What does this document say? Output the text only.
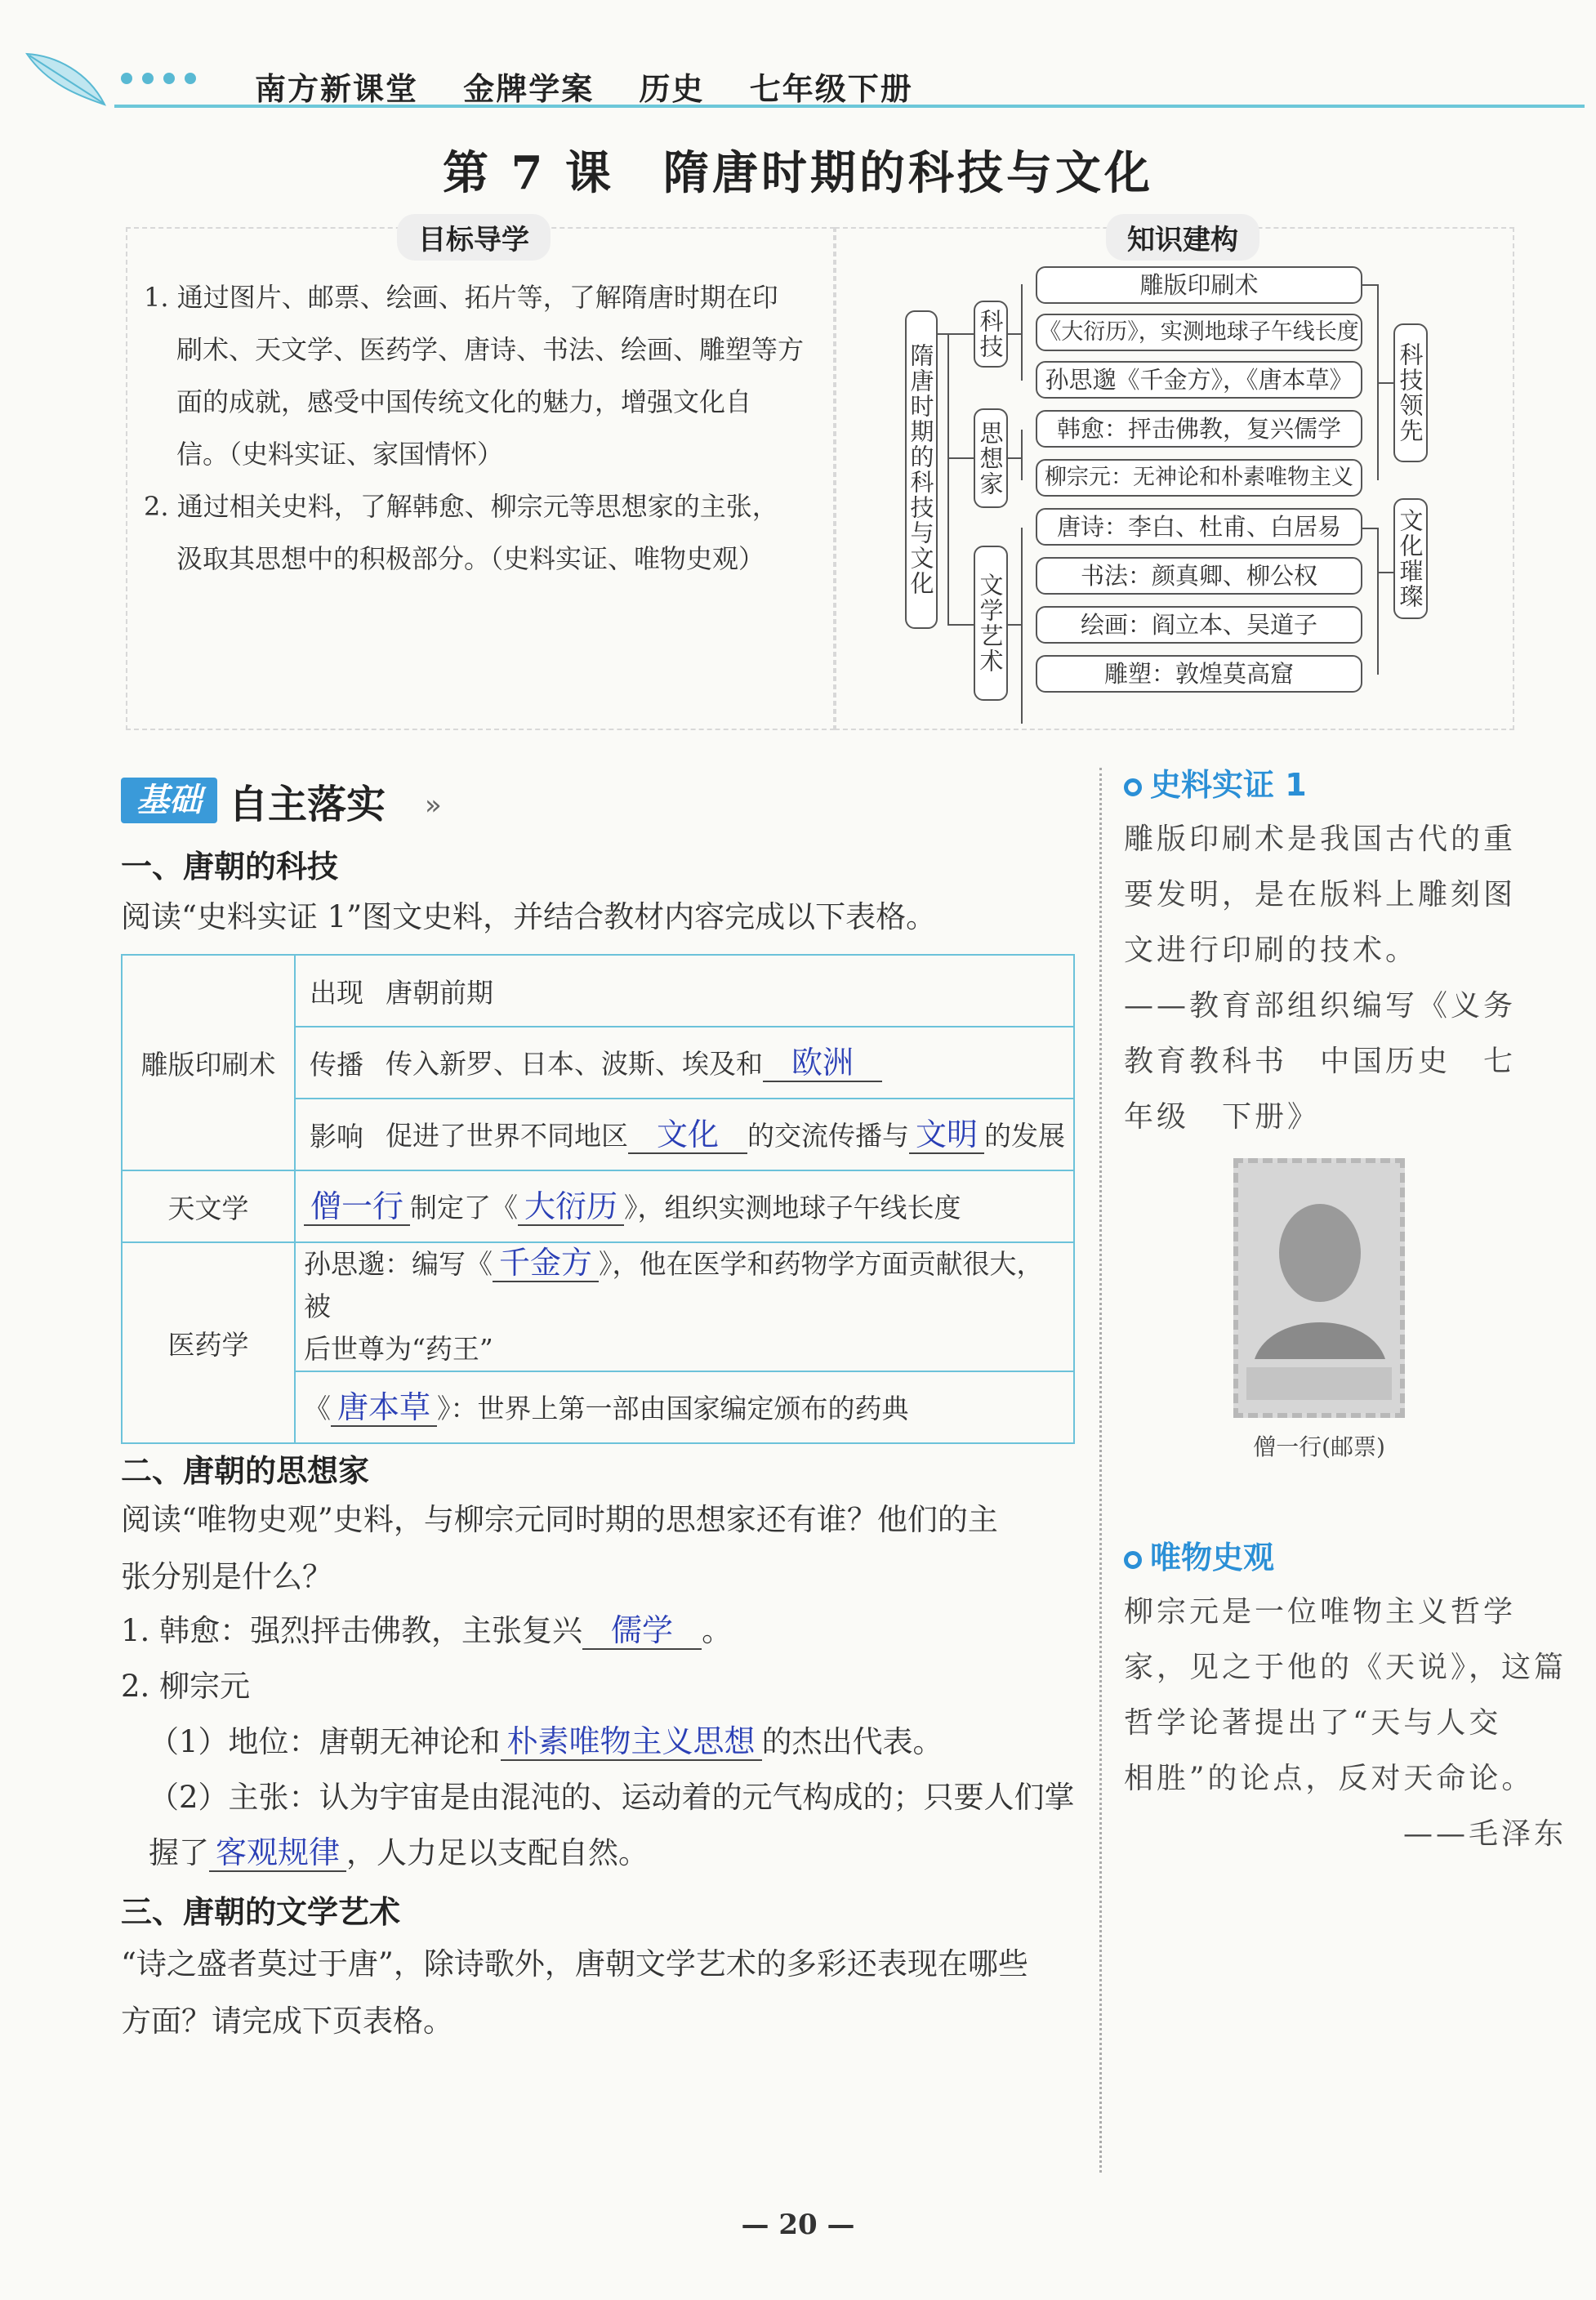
南方新课堂 金牌学案 历史 七年级下册
第 7 课　隋唐时期的科技与文化
目标导学

1. 通过图片、邮票、绘画、拓片等，了解隋唐时期在印

刷术、天文学、医药学、唐诗、书法、绘画、雕塑等方

面的成就，感受中国传统文化的魅力，增强文化自

信。（史料实证、家国情怀）

2. 通过相关史料，了解韩愈、柳宗元等思想家的主张，

汲取其思想中的积极部分。（史料实证、唯物史观）

知识建构
隋唐时期的科技与文化
科技
思想家
文学艺术
雕版印刷术
《大衍历》，实测地球子午线长度
孙思邈《千金方》，《唐本草》
韩愈：抨击佛教，复兴儒学
柳宗元：无神论和朴素唯物主义
唐诗：李白、杜甫、白居易
书法：颜真卿、柳公权
绘画：阎立本、吴道子
雕塑：敦煌莫高窟
科技领先
文化璀璨
基础 自主落实 »
一、唐朝的科技
阅读“史料实证 1”图文史料，并结合教材内容完成以下表格。
雕版印刷术	出现	唐朝前期
	传播	传入新罗、日本、波斯、埃及和 欧洲
	影响	促进了世界不同地区 文化 的交流传播与 文明 的发展
天文学	僧一行 制定了《 大衍历 》，组织实测地球子午线长度	
医药学	孙思邈：编写《 千金方 》，他在医学和药物学方面贡献很大，被
后世尊为“药王”	
	《 唐本草 》：世界上第一部由国家编定颁布的药典	
二、唐朝的思想家

阅读“唯物史观”史料，与柳宗元同时期的思想家还有谁？他们的主

张分别是什么？

1. 韩愈：强烈抨击佛教，主张复兴 儒学 。
2. 柳宗元
（1）地位：唐朝无神论和 朴素唯物主义思想 的杰出代表。
（2）主张：认为宇宙是由混沌的、运动着的元气构成的；只要人们掌
握了 客观规律 ，人力足以支配自然。
三、唐朝的文学艺术

“诗之盛者莫过于唐”，除诗歌外，唐朝文学艺术的多彩还表现在哪些

方面？请完成下页表格。

史料实证 1

雕版印刷术是我国古代的重

要发明，是在版料上雕刻图

文进行印刷的技术。

——教育部组织编写《义务

教育教科书　中国历史　七

年级　下册》

僧一行(邮票)
唯物史观

柳宗元是一位唯物主义哲学

家，见之于他的《天说》，这篇

哲学论著提出了“天与人交

相胜”的论点，反对天命论。

——毛泽东

— 20 —
